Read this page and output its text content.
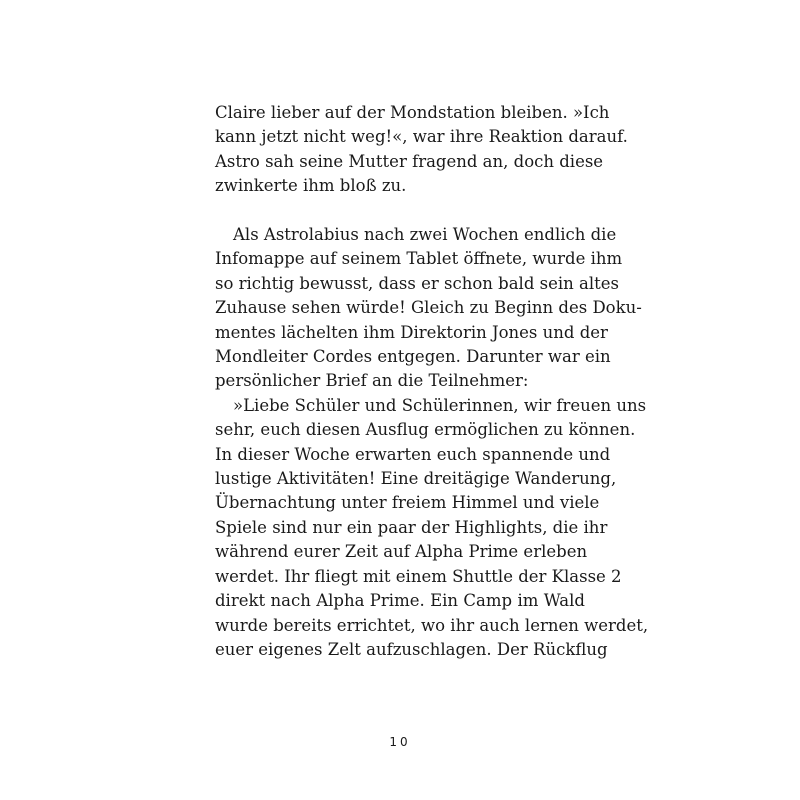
Claire lieber auf der Mondstation bleiben. »Ich
kann jetzt nicht weg!«, war ihre Reaktion darauf.
Astro sah seine Mutter fragend an, doch diese
zwinkerte ihm bloß zu.
Als Astrolabius nach zwei Wochen endlich die
Infomappe auf seinem Tablet öffnete, wurde ihm
so richtig bewusst, dass er schon bald sein altes
Zuhause sehen würde! Gleich zu Beginn des Doku-
mentes lächelten ihm Direktorin Jones und der
Mondleiter Cordes entgegen. Darunter war ein
persönlicher Brief an die Teilnehmer:
»Liebe Schüler und Schülerinnen, wir freuen uns
sehr, euch diesen Ausflug ermöglichen zu können.
In dieser Woche erwarten euch spannende und
lustige Aktivitäten! Eine dreitägige Wanderung,
Übernachtung unter freiem Himmel und viele
Spiele sind nur ein paar der Highlights, die ihr
während eurer Zeit auf Alpha Prime erleben
werdet. Ihr fliegt mit einem Shuttle der Klasse 2
direkt nach Alpha Prime. Ein Camp im Wald
wurde bereits errichtet, wo ihr auch lernen werdet,
euer eigenes Zelt aufzuschlagen. Der Rückflug
10
